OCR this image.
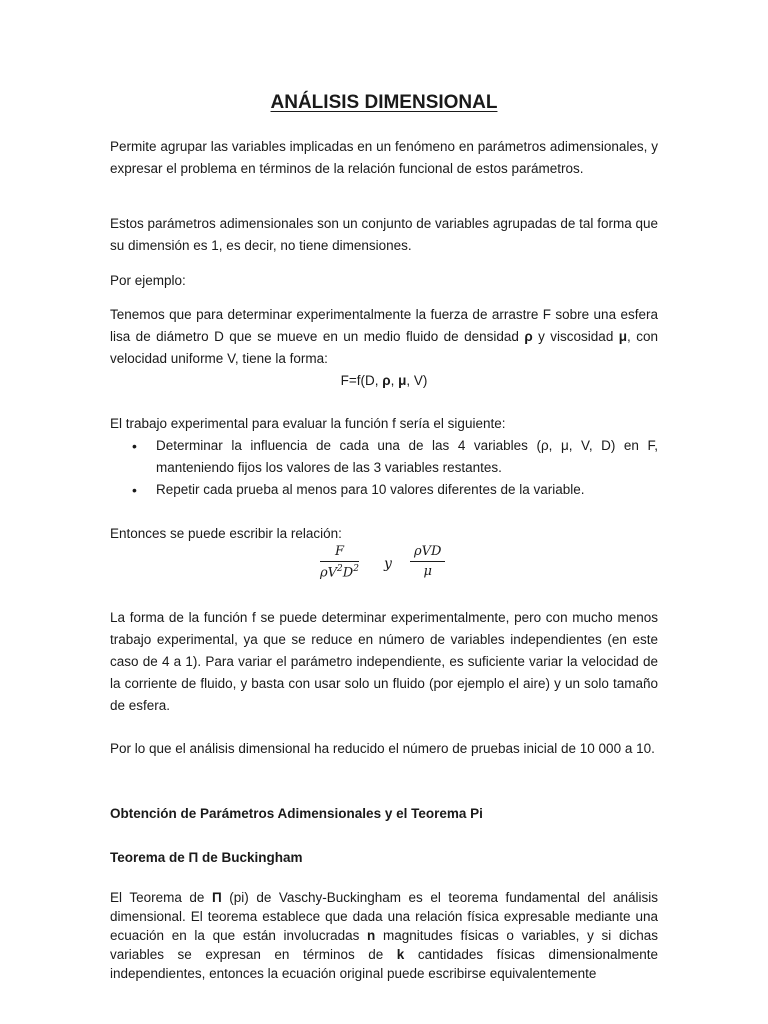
ANÁLISIS DIMENSIONAL

Permite agrupar las variables implicadas en un fenómeno en parámetros adimensionales, y expresar el problema en términos de la relación funcional de estos parámetros.

Estos parámetros adimensionales son un conjunto de variables agrupadas de tal forma que su dimensión es 1, es decir, no tiene dimensiones.

Por ejemplo:

Tenemos que para determinar experimentalmente la fuerza de arrastre F sobre una esfera lisa de diámetro D que se mueve en un medio fluido de densidad ρ y viscosidad μ, con velocidad uniforme V, tiene la forma:

F=f(D, ρ, μ, V)

El trabajo experimental para evaluar la función f sería el siguiente:

• Determinar la influencia de cada una de las 4 variables (ρ, μ, V, D) en F, manteniendo fijos los valores de las 3 variables restantes.
• Repetir cada prueba al menos para 10 valores diferentes de la variable.

Entonces se puede escribir la relación:

$\frac{F}{\rho V^2D^2}$ y
ρVD
μ

La forma de la función f se puede determinar experimentalmente, pero con mucho menos trabajo experimental, ya que se reduce en número de variables independientes (en este caso de 4 a 1). Para variar el parámetro independiente, es suficiente variar la velocidad de la corriente de fluido, y basta con usar solo un fluido (por ejemplo el aire) y un solo tamaño de esfera.

Por lo que el análisis dimensional ha reducido el número de pruebas inicial de 10 000 a 10.

Obtención de Parámetros Adimensionales y el Teorema Pi

Teorema de Π de Buckingham

El Teorema de Π (pi) de Vaschy-Buckingham es el teorema fundamental del análisis dimensional. El teorema establece que dada una relación física expresable mediante una ecuación en la que están involucradas n magnitudes físicas o variables, y si dichas variables se expresan en términos de k cantidades físicas dimensionalmente independientes, entonces la ecuación original puede escribirse equivalentemente
